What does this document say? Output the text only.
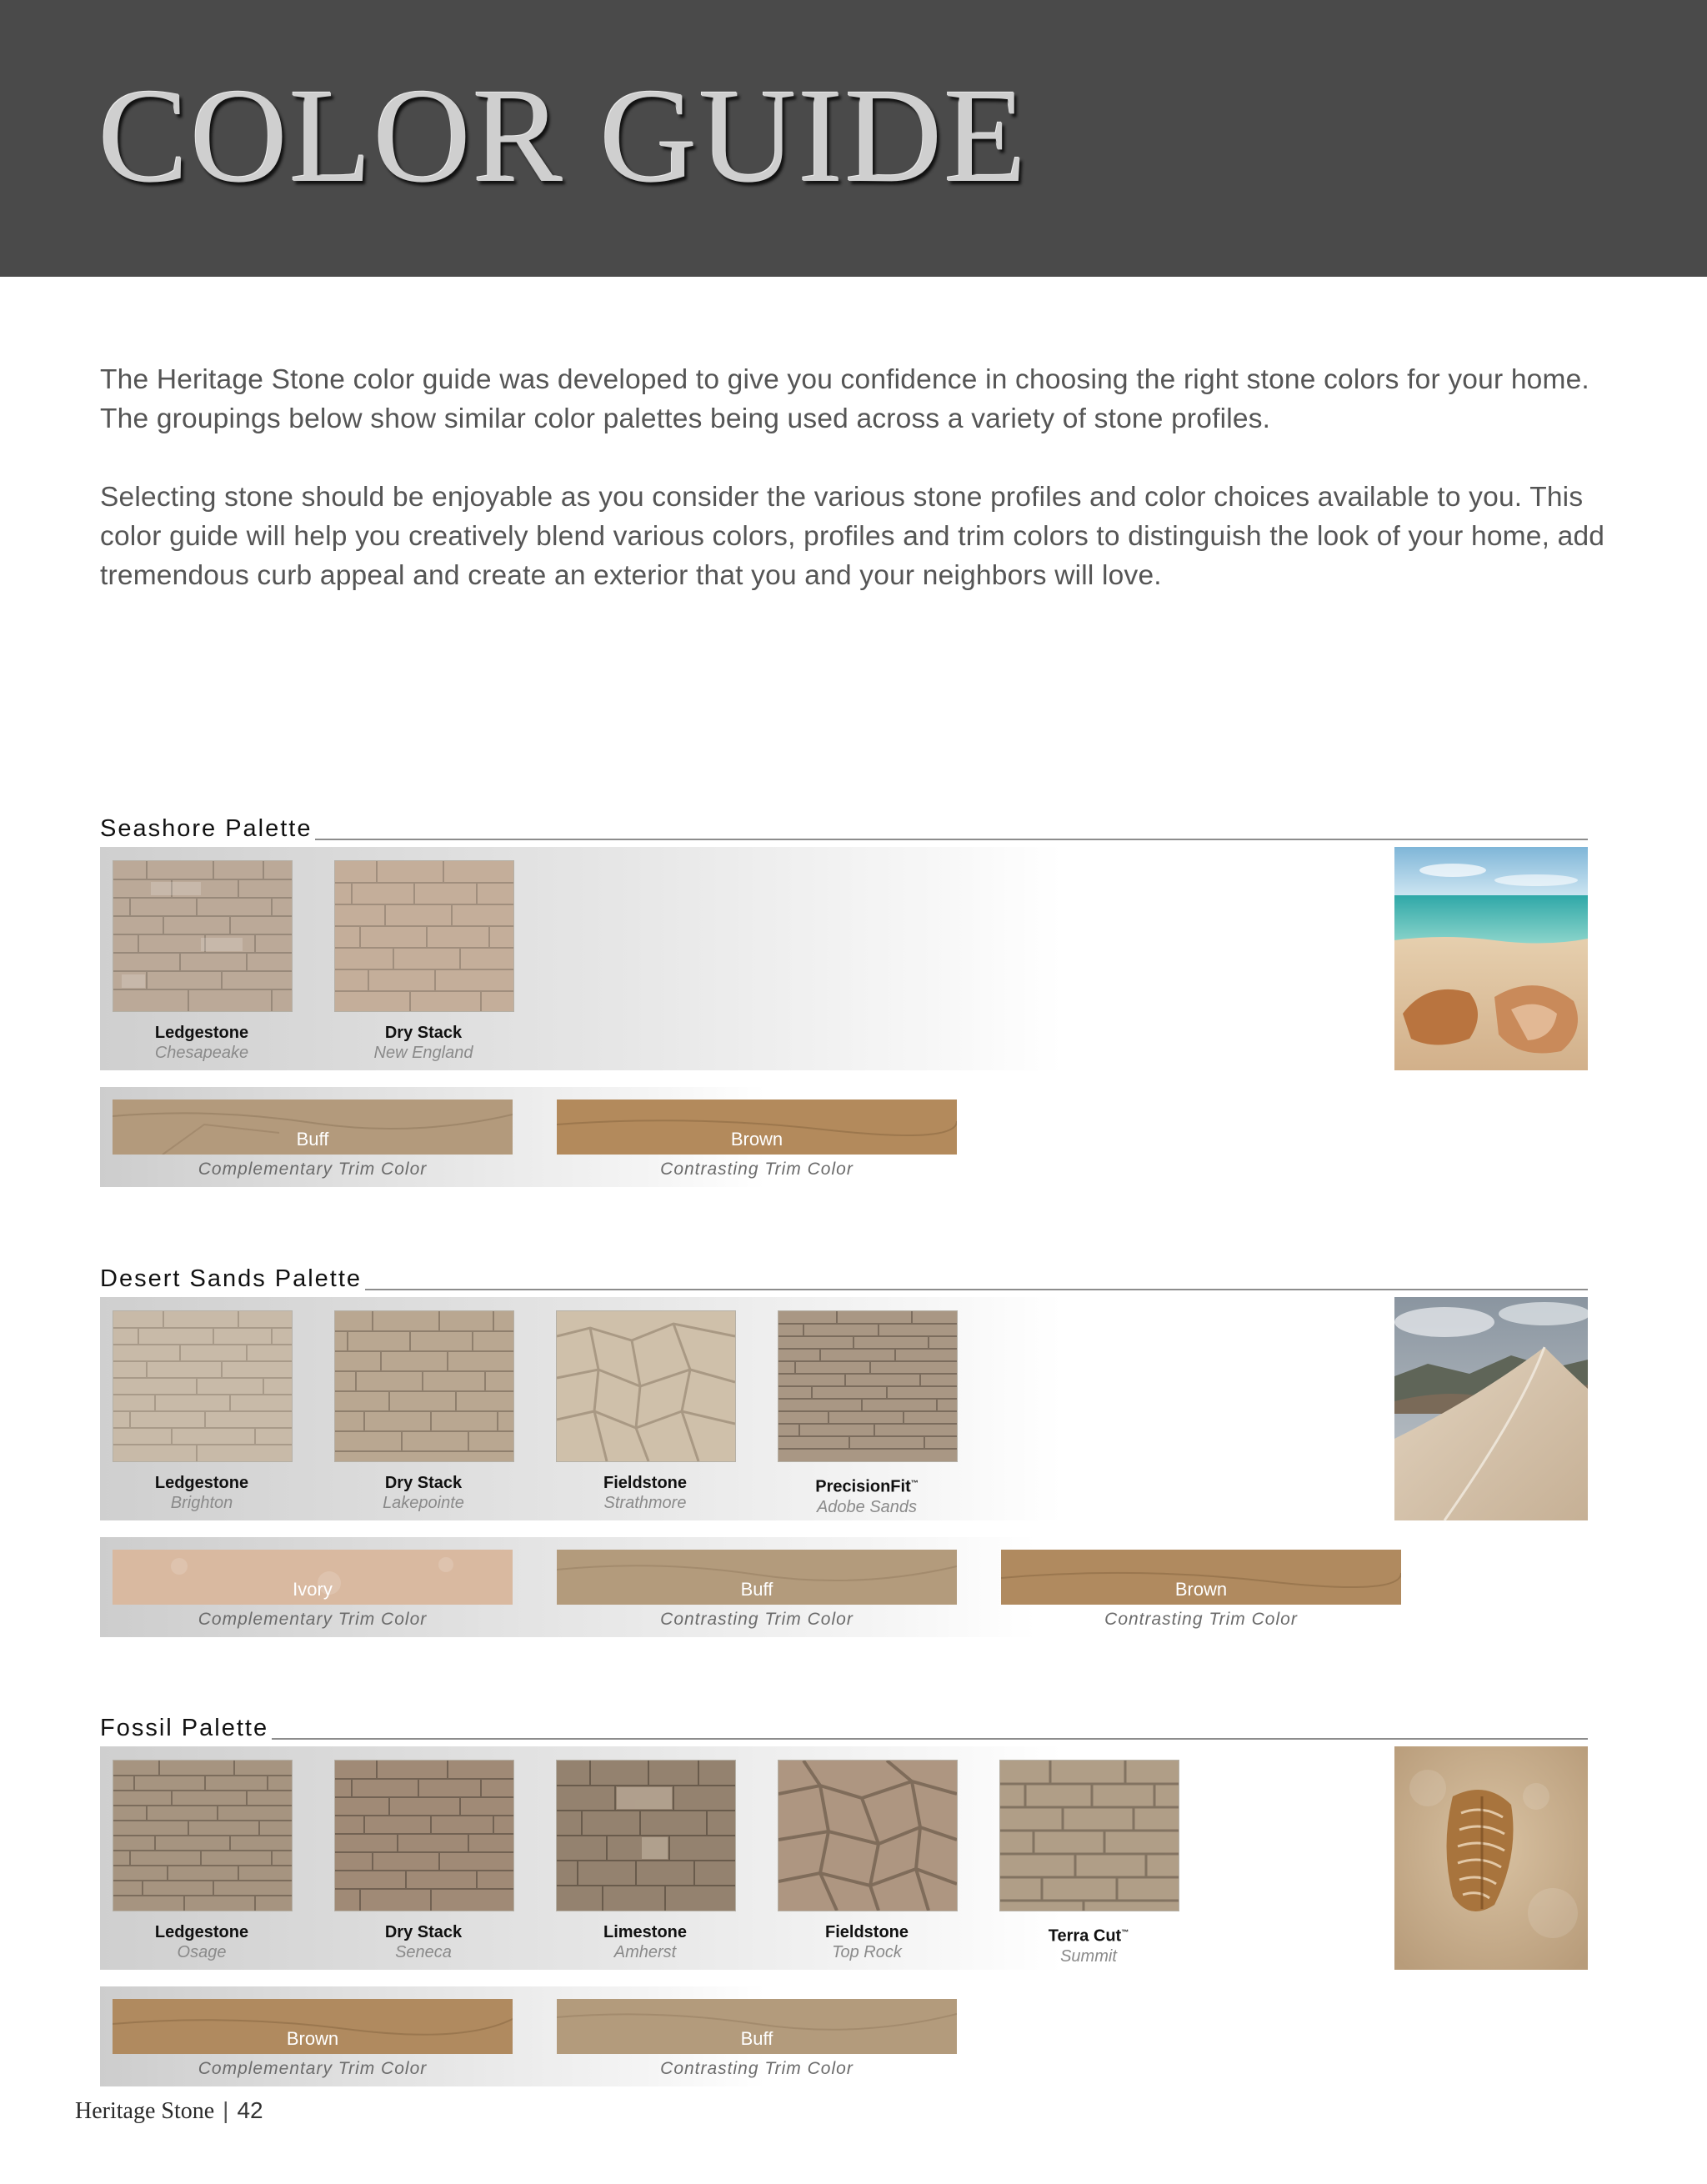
COLOR GUIDE

The Heritage Stone color guide was developed to give you confidence in choosing the right stone colors for your home. The groupings below show similar color palettes being used across a variety of stone profiles.

Selecting stone should be enjoyable as you consider the various stone profiles and color choices available to you. This color guide will help you creatively blend various colors, profiles and trim colors to distinguish the look of your home, add tremendous curb appeal and create an exterior that you and your neighbors will love.

Seashore Palette
Ledgestone
Chesapeake
Dry Stack
New England
Buff
Complementary Trim Color
Brown
Contrasting Trim Color
Desert Sands Palette
Ledgestone
Brighton
Dry Stack
Lakepointe
Fieldstone
Strathmore
PrecisionFit™
Adobe Sands
Ivory
Complementary Trim Color
Buff
Contrasting Trim Color
Brown
Contrasting Trim Color
Fossil Palette
Ledgestone
Osage
Dry Stack
Seneca
Limestone
Amherst
Fieldstone
Top Rock
Terra Cut™
Summit
Brown
Complementary Trim Color
Buff
Contrasting Trim Color
Heritage Stone | 42
